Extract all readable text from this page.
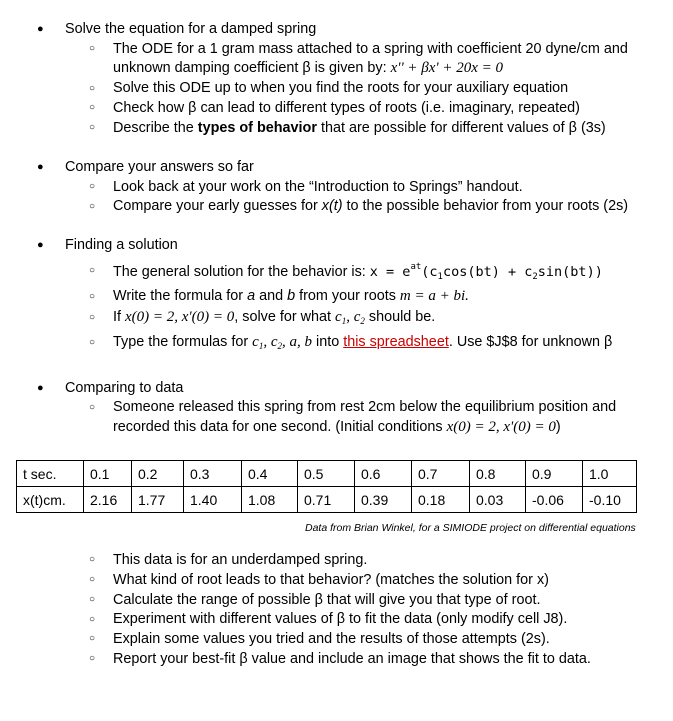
● Solve the equation for a damped spring
○ The ODE for a 1 gram mass attached to a spring with coefficient 20 dyne/cm and
unknown damping coefficient β is given by: x'' + βx' + 20x = 0
○ Solve this ODE up to when you find the roots for your auxiliary equation
○ Check how β can lead to different types of roots (i.e. imaginary, repeated)
○ Describe the types of behavior that are possible for different values of β (3s)
● Compare your answers so far
○ Look back at your work on the “Introduction to Springs” handout.
○ Compare your early guesses for x(t) to the possible behavior from your roots (2s)
● Finding a solution
○ The general solution for the behavior is: $x = e^{at}(c_1\cos(bt) + c_2\sin(bt))$
○ Write the formula for a and b from your roots m = a + bi.
○ If x(0) = 2, x'(0) = 0, solve for what $c_1$, $c_2$ should be.
○ Type the formulas for $c_1$, $c_2$, a, b into this spreadsheet. Use $J$8 for unknown β
● Comparing to data
○ Someone released this spring from rest 2cm below the equilibrium position and
recorded this data for one second. (Initial conditions x(0) = 2, x'(0) = 0)
t sec.	0.1	0.2	0.3	0.4	0.5	0.6	0.7	0.8	0.9	1.0
x(t)cm.	2.16	1.77	1.40	1.08	0.71	0.39	0.18	0.03	-0.06	-0.10
Data from Brian Winkel, for a SIMIODE project on differential equations
○ This data is for an underdamped spring.
○ What kind of root leads to that behavior? (matches the solution for x)
○ Calculate the range of possible β that will give you that type of root.
○ Experiment with different values of β to fit the data (only modify cell J8).
○ Explain some values you tried and the results of those attempts (2s).
○ Report your best-fit β value and include an image that shows the fit to data.
